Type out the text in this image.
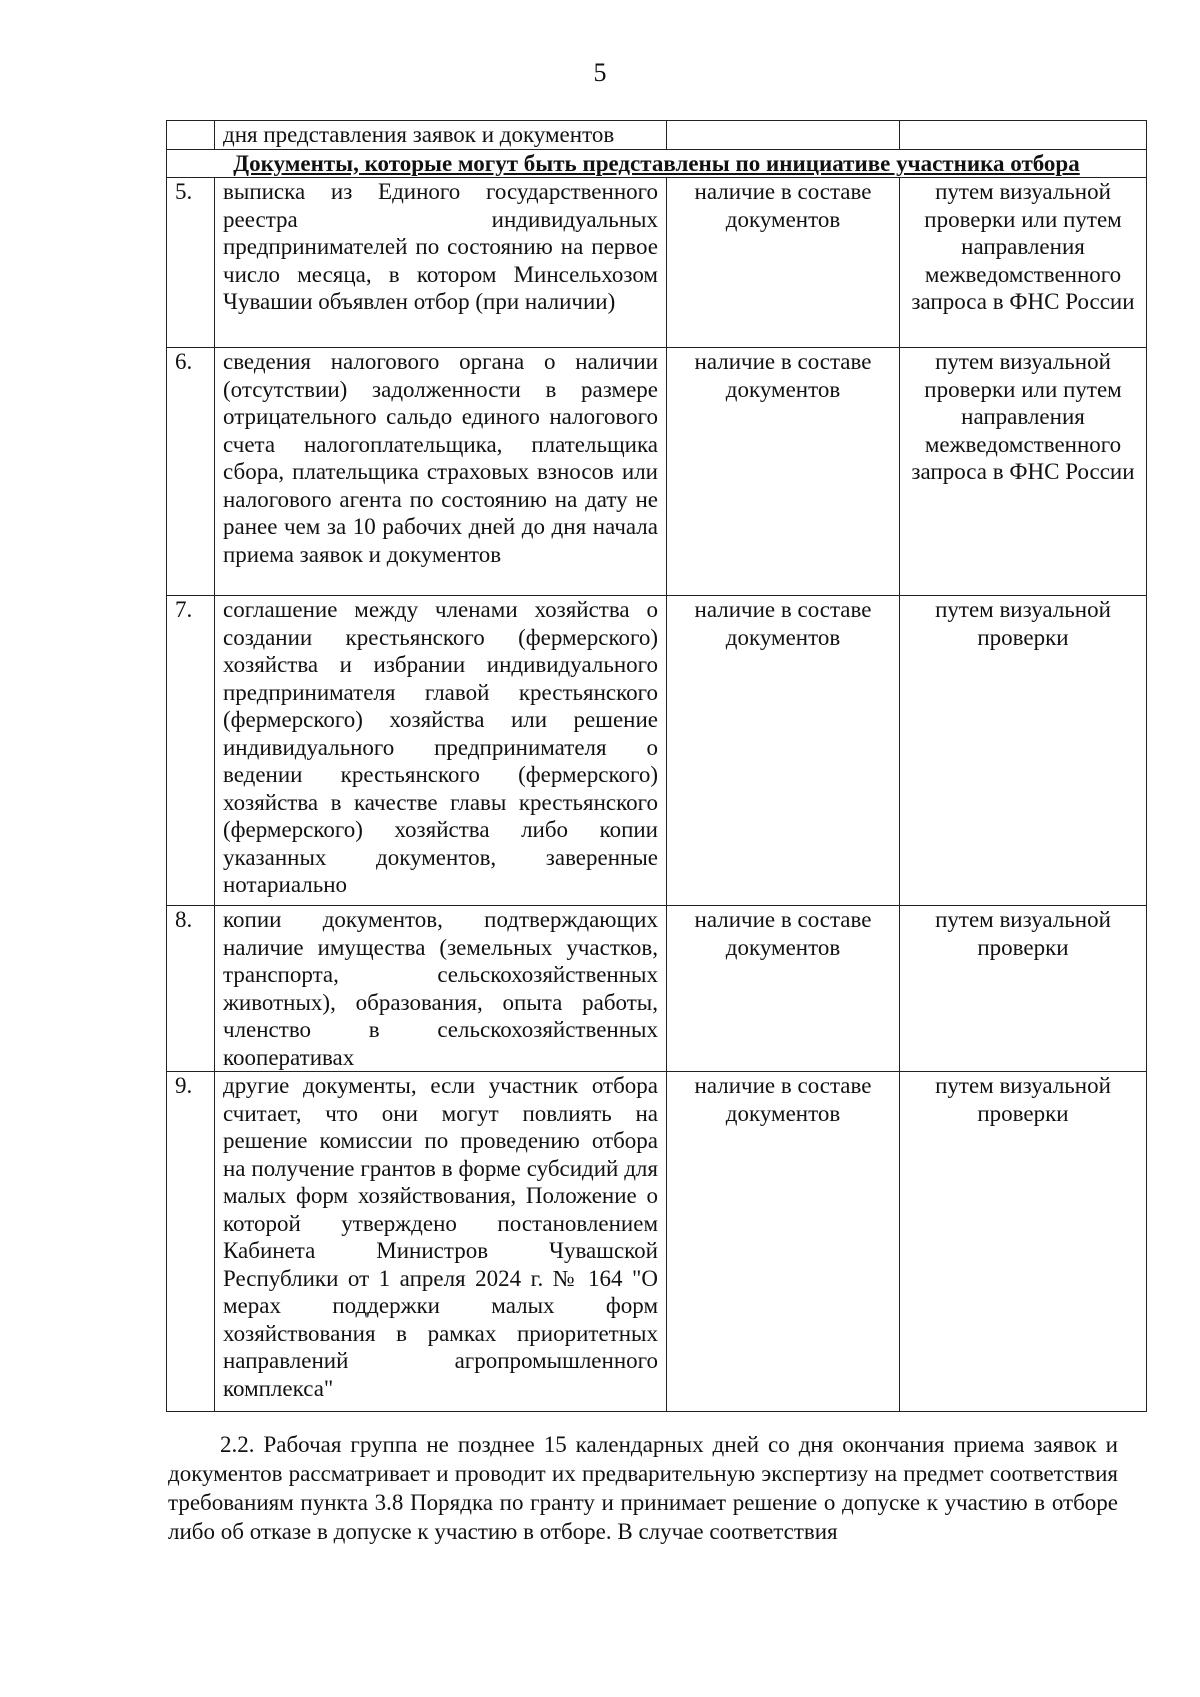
5
	дня представления заявок и документов		
Документы, которые могут быть представлены по инициативе участника отбора			
5.	выписка из Единого государственного реестра индивидуальных предпринимателей по состоянию на первое число месяца, в котором Минсельхозом Чувашии объявлен отбор (при наличии)	наличие в составе документов	путем визуальной проверки или путем направления межведомственного запроса в ФНС России
6.	сведения налогового органа о наличии (отсутствии) задолженности в размере отрицательного сальдо единого налогового счета налогоплательщика, плательщика сбора, плательщика страховых взносов или налогового агента по состоянию на дату не ранее чем за 10 рабочих дней до дня начала приема заявок и документов	наличие в составе документов	путем визуальной проверки или путем направления межведомственного запроса в ФНС России
7.	соглашение между членами хозяйства о создании крестьянского (фермерского) хозяйства и избрании индивидуального предпринимателя главой крестьянского (фермерского) хозяйства или решение индивидуального предпринимателя о ведении крестьянского (фермерского) хозяйства в качестве главы крестьянского (фермерского) хозяйства либо копии указанных документов, заверенные нотариально	наличие в составе документов	путем визуальной проверки
8.	копии документов, подтверждающих наличие имущества (земельных участков, транспорта, сельскохозяйственных животных), образования, опыта работы, членство в сельскохозяйственных кооперативах	наличие в составе документов	путем визуальной проверки
9.	другие документы, если участник отбора считает, что они могут повлиять на решение комиссии по проведению отбора на получение грантов в форме субсидий для малых форм хозяйствования, Положение о которой утверждено постановлением Кабинета Министров Чувашской Республики от 1 апреля 2024 г. № 164 "О мерах поддержки малых форм хозяйствования в рамках приоритетных направлений агропромышленного комплекса"	наличие в составе документов	путем визуальной проверки

2.2. Рабочая группа не позднее 15 календарных дней со дня окончания приема заявок и документов рассматривает и проводит их предварительную экспертизу на предмет соответствия требованиям пункта 3.8 Порядка по гранту и принимает решение о допуске к участию в отборе либо об отказе в допуске к участию в отборе. В случае соответствия
